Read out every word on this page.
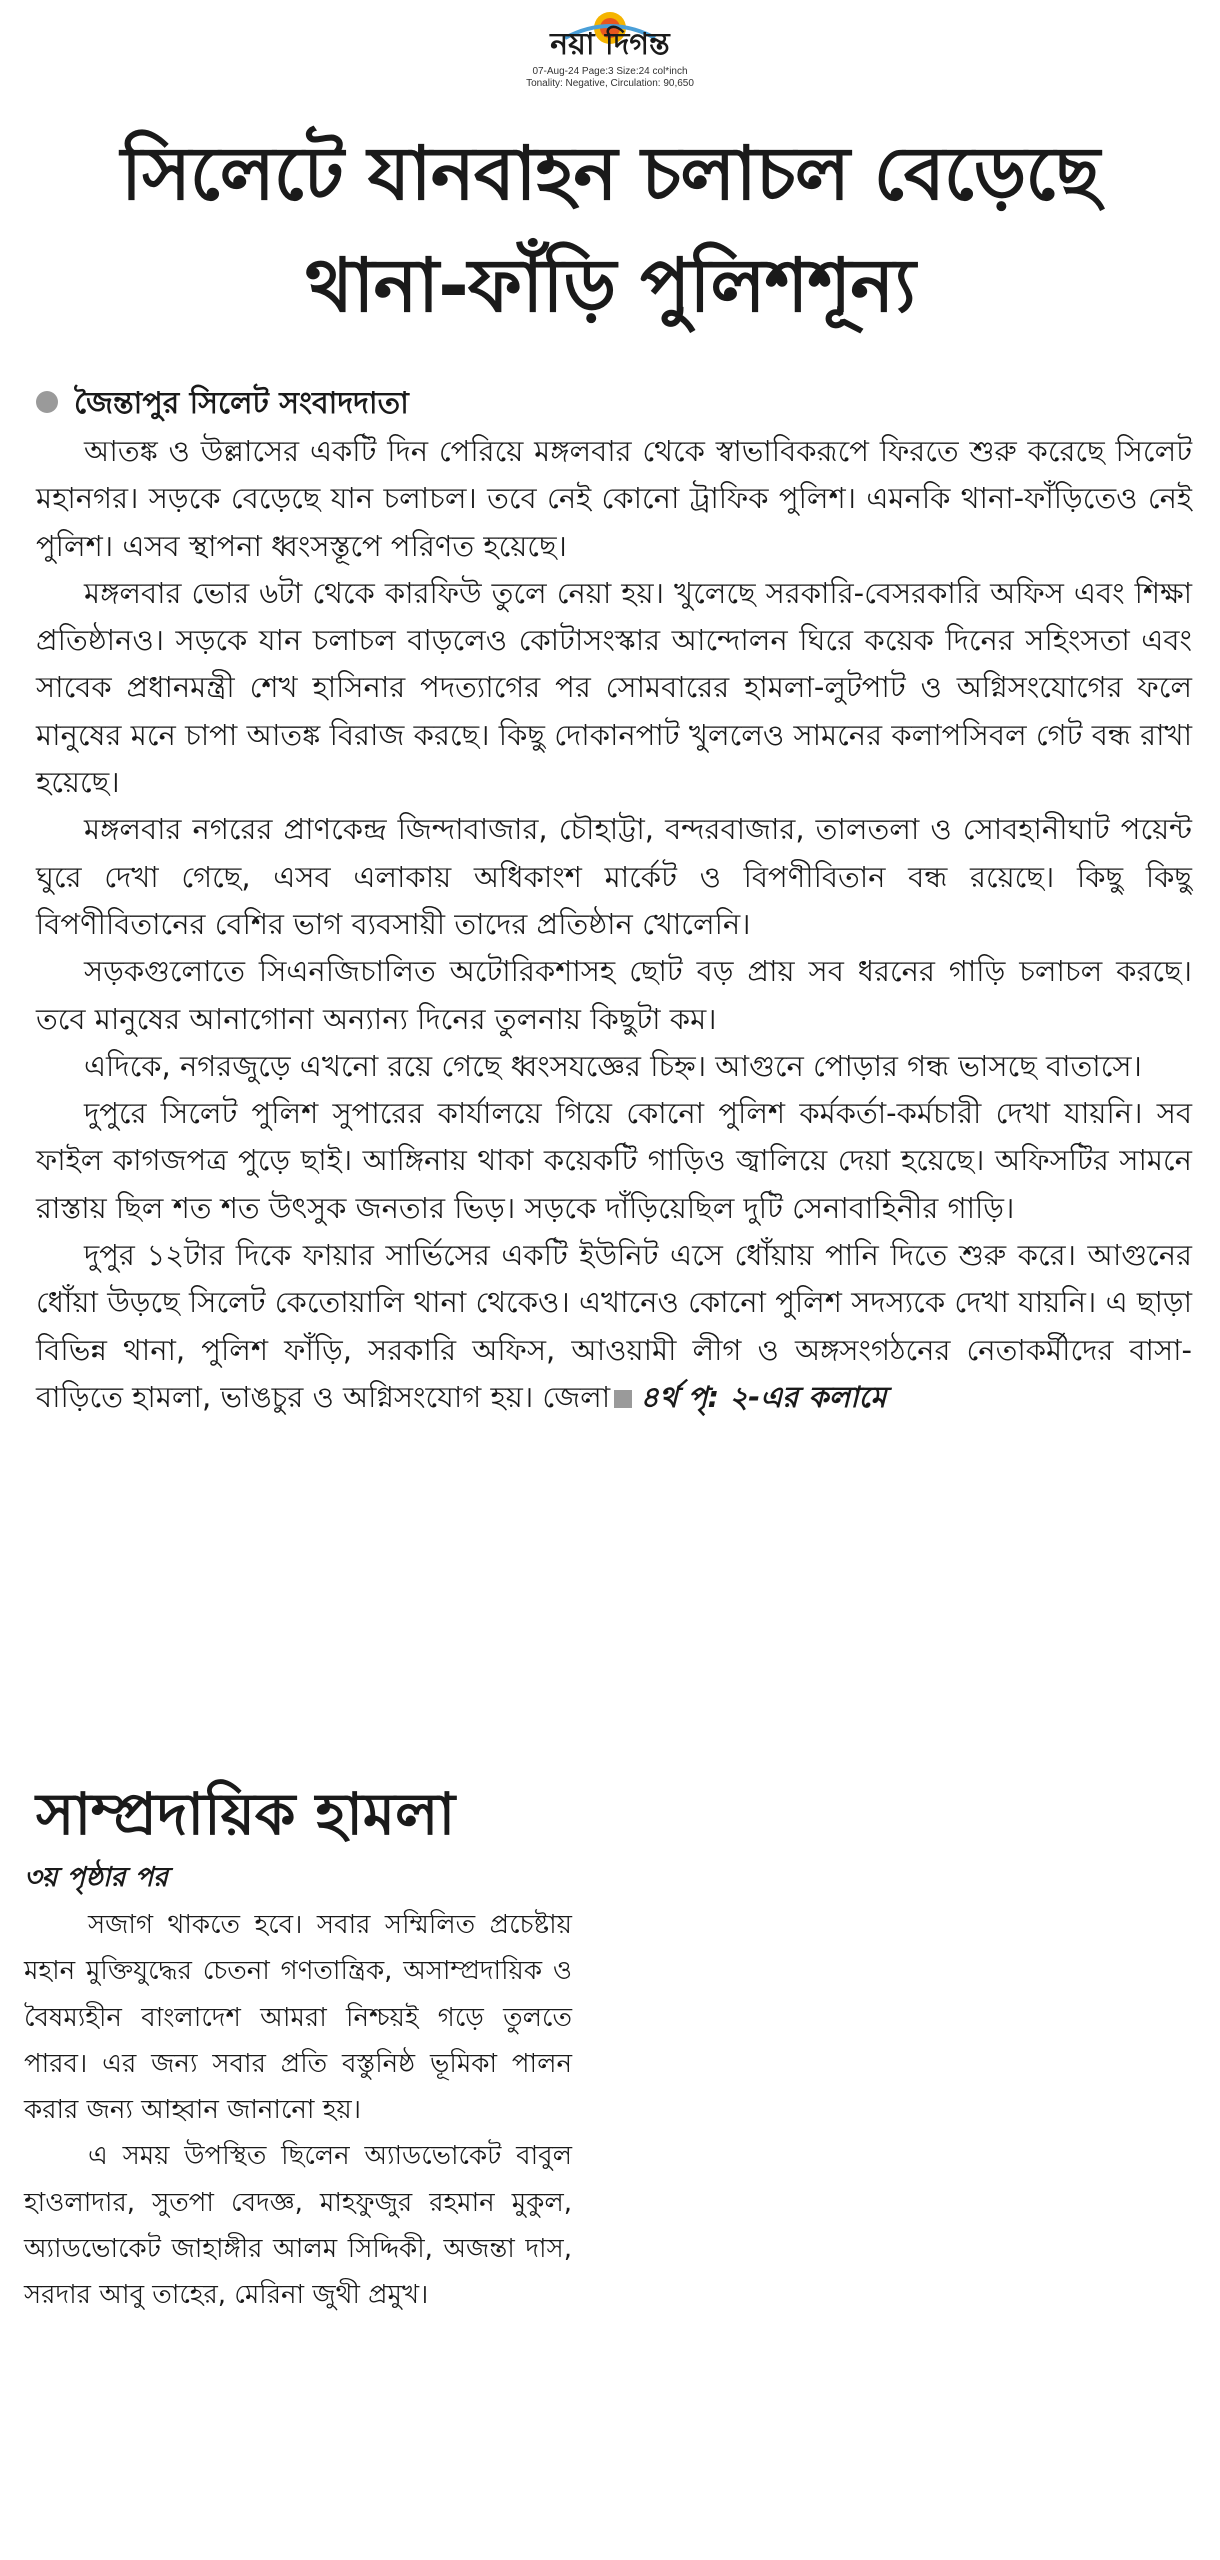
নয়া দিগন্ত
07-Aug-24 Page:3 Size:24 col*inch
Tonality: Negative, Circulation: 90,650
সিলেটে যানবাহন চলাচল বেড়েছে
থানা-ফাঁড়ি পুলিশশূন্য
জৈন্তাপুর সিলেট সংবাদদাতা

আতঙ্ক ও উল্লাসের একটি দিন পেরিয়ে মঙ্গলবার থেকে স্বাভাবিকরূপে ফিরতে শুরু করেছে সিলেট মহানগর। সড়কে বেড়েছে যান চলাচল। তবে নেই কোনো ট্রাফিক পুলিশ। এমনকি থানা-ফাঁড়িতেও নেই পুলিশ। এসব স্থাপনা ধ্বংসস্তূপে পরিণত হয়েছে।

মঙ্গলবার ভোর ৬টা থেকে কারফিউ তুলে নেয়া হয়। খুলেছে সরকারি-বেসরকারি অফিস এবং শিক্ষা প্রতিষ্ঠানও। সড়কে যান চলাচল বাড়লেও কোটাসংস্কার আন্দোলন ঘিরে কয়েক দিনের সহিংসতা এবং সাবেক প্রধানমন্ত্রী শেখ হাসিনার পদত্যাগের পর সোমবারের হামলা-লুটপাট ও অগ্নিসংযোগের ফলে মানুষের মনে চাপা আতঙ্ক বিরাজ করছে। কিছু দোকানপাট খুললেও সামনের কলাপসিবল গেট বন্ধ রাখা হয়েছে।

মঙ্গলবার নগরের প্রাণকেন্দ্র জিন্দাবাজার, চৌহাট্টা, বন্দরবাজার, তালতলা ও সোবহানীঘাট পয়েন্ট ঘুরে দেখা গেছে, এসব এলাকায় অধিকাংশ মার্কেট ও বিপণীবিতান বন্ধ রয়েছে। কিছু কিছু বিপণীবিতানের বেশির ভাগ ব্যবসায়ী তাদের প্রতিষ্ঠান খোলেনি।

সড়কগুলোতে সিএনজিচালিত অটোরিকশাসহ ছোট বড় প্রায় সব ধরনের গাড়ি চলাচল করছে। তবে মানুষের আনাগোনা অন্যান্য দিনের তুলনায় কিছুটা কম।

এদিকে, নগরজুড়ে এখনো রয়ে গেছে ধ্বংসযজ্ঞের চিহ্ন। আগুনে পোড়ার গন্ধ ভাসছে বাতাসে।

দুপুরে সিলেট পুলিশ সুপারের কার্যালয়ে গিয়ে কোনো পুলিশ কর্মকর্তা-কর্মচারী দেখা যায়নি। সব ফাইল কাগজপত্র পুড়ে ছাই। আঙ্গিনায় থাকা কয়েকটি গাড়িও জ্বালিয়ে দেয়া হয়েছে। অফিসটির সামনে রাস্তায় ছিল শত শত উৎসুক জনতার ভিড়। সড়কে দাঁড়িয়েছিল দুটি সেনাবাহিনীর গাড়ি।

দুপুর ১২টার দিকে ফায়ার সার্ভিসের একটি ইউনিট এসে ধোঁয়ায় পানি দিতে শুরু করে। আগুনের ধোঁয়া উড়ছে সিলেট কেতোয়ালি থানা থেকেও। এখানেও কোনো পুলিশ সদস্যকে দেখা যায়নি। এ ছাড়া বিভিন্ন থানা, পুলিশ ফাঁড়ি, সরকারি অফিস, আওয়ামী লীগ ও অঙ্গসংগঠনের নেতাকর্মীদের বাসা-বাড়িতে হামলা, ভাঙচুর ও অগ্নিসংযোগ হয়। জেলা ৪র্থ পৃ: ২-এর কলামে

সাম্প্রদায়িক হামলা
৩য় পৃষ্ঠার পর

সজাগ থাকতে হবে। সবার সম্মিলিত প্রচেষ্টায় মহান মুক্তিযুদ্ধের চেতনা গণতান্ত্রিক, অসাম্প্রদায়িক ও বৈষম্যহীন বাংলাদেশ আমরা নিশ্চয়ই গড়ে তুলতে পারব। এর জন্য সবার প্রতি বস্তুনিষ্ঠ ভূমিকা পালন করার জন্য আহ্বান জানানো হয়।

এ সময় উপস্থিত ছিলেন অ্যাডভোকেট বাবুল হাওলাদার, সুতপা বেদজ্ঞ, মাহফুজুর রহমান মুকুল, অ্যাডভোকেট জাহাঙ্গীর আলম সিদ্দিকী, অজন্তা দাস, সরদার আবু তাহের, মেরিনা জুথী প্রমুখ।
